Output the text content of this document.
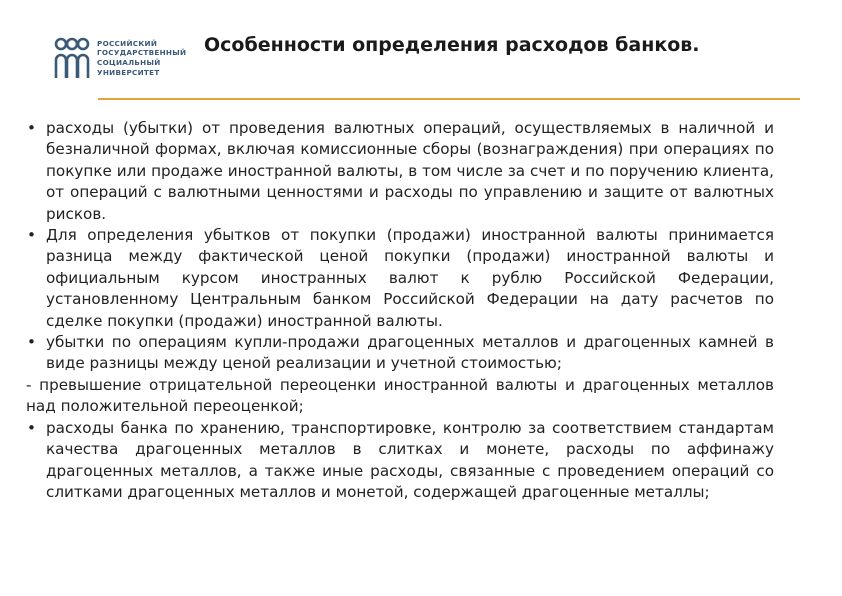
РОССИЙСКИЙ
ГОСУДАРСТВЕННЫЙ
СОЦИАЛЬНЫЙ
УНИВЕРСИТЕТ
Особенности определения расходов банков.
• расходы (убытки) от проведения валютных операций, осуществляемых в наличной и безналичной формах, включая комиссионные сборы (вознаграждения) при операциях по покупке или продаже иностранной валюты, в том числе за счет и по поручению клиента, от операций с валютными ценностями и расходы по управлению и защите от валютных рисков.
• Для определения убытков от покупки (продажи) иностранной валюты принимается разница между фактической ценой покупки (продажи) иностранной валюты и официальным курсом иностранных валют к рублю Российской Федерации, установленному Центральным банком Российской Федерации на дату расчетов по сделке покупки (продажи) иностранной валюты.
• убытки по операциям купли-продажи драгоценных металлов и драгоценных камней в виде разницы между ценой реализации и учетной стоимостью;
- превышение отрицательной переоценки иностранной валюты и драгоценных металлов над положительной переоценкой;
• расходы банка по хранению, транспортировке, контролю за соответствием стандартам качества драгоценных металлов в слитках и монете, расходы по аффинажу драгоценных металлов, а также иные расходы, связанные с проведением операций со слитками драгоценных металлов и монетой, содержащей драгоценные металлы;
